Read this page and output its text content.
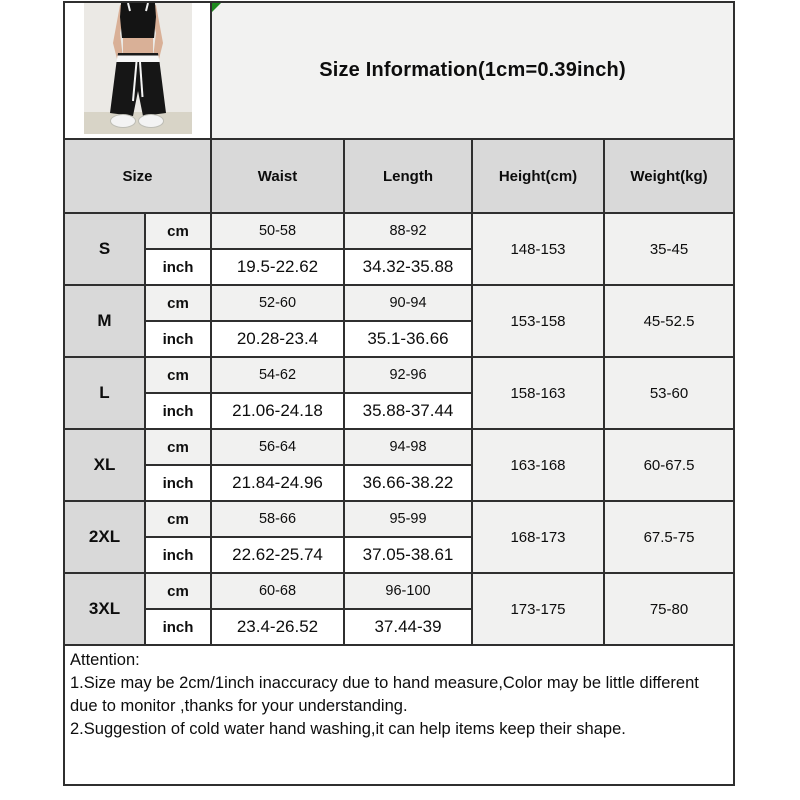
Size Information(1cm=0.39inch)			
Size		Waist	Length	Height(cm)	Weight(kg)
S	cm	50-58	88-92	148-153	35-45
	inch	19.5-22.62	34.32-35.88		
M	cm	52-60	90-94	153-158	45-52.5
	inch	20.28-23.4	35.1-36.66		
L	cm	54-62	92-96	158-163	53-60
	inch	21.06-24.18	35.88-37.44		
XL	cm	56-64	94-98	163-168	60-67.5
	inch	21.84-24.96	36.66-38.22		
2XL	cm	58-66	95-99	168-173	67.5-75
	inch	22.62-25.74	37.05-38.61		
3XL	cm	60-68	96-100	173-175	75-80
	inch	23.4-26.52	37.44-39		

Attention:
1.Size may be 2cm/1inch inaccuracy due to hand measure,Color may be little different due to monitor ,thanks for your understanding.
2.Suggestion of cold water hand washing,it can help items keep their shape.					
